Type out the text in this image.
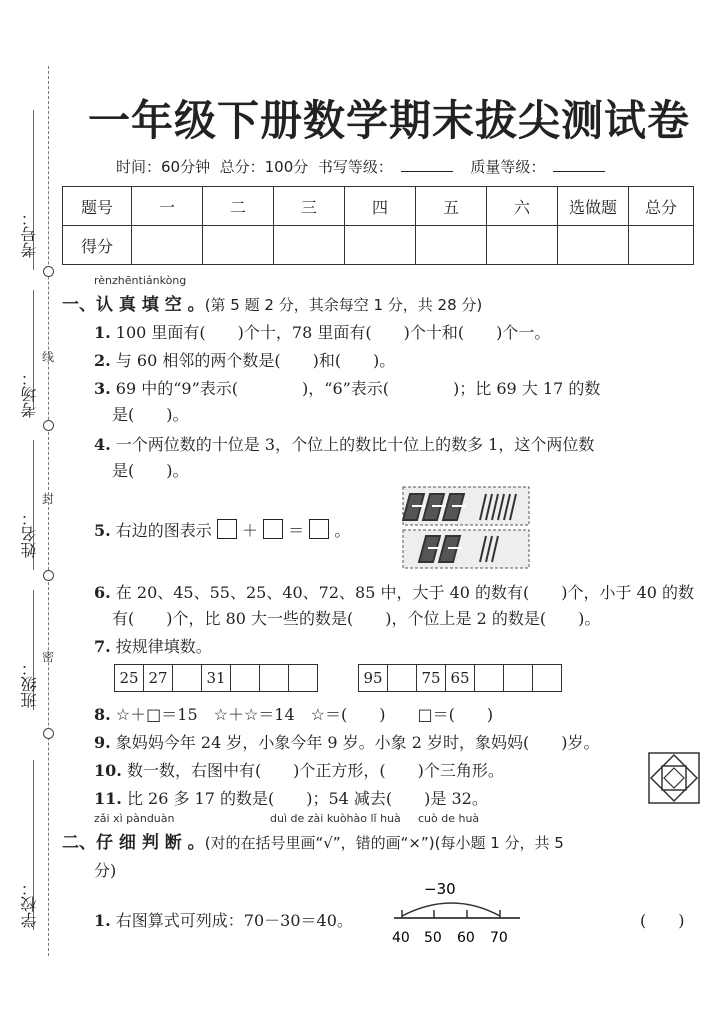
考号：
考场：
线
封
姓名：
班级：
密
学校：
一年级下册数学期末拔尖测试卷
时间：60分钟 总分：100分 书写等级：	质量等级：
题号	一	二	三	四	五	六	选做题	总分
得分								
rènzhēntiánkòng
一、认 真 填 空 。(第 5 题 2 分，其余每空 1 分，共 28 分)
1. 100 里面有(　　)个十，78 里面有(　　)个十和(　　)个一。
2. 与 60 相邻的两个数是(　　)和(　　)。
3. 69 中的“9”表示(　　　　)，“6”表示(　　　　)；比 69 大 17 的数
是(　　)。
4. 一个两位数的十位是 3，个位上的数比十位上的数多 1，这个两位数
是(　　)。
5. 右边的图表示  ＋  ＝  。
6. 在 20、45、55、25、40、72、85 中，大于 40 的数有(　　)个，小于 40 的数
有(　　)个，比 80 大一些的数是(　　)，个位上是 2 的数是(　　)。
7. 按规律填数。
25	27		31				95		75	65			
8. ☆＋□＝15　☆＋☆＝14　☆＝(　　)　　□＝(　　)
9. 象妈妈今年 24 岁，小象今年 9 岁。小象 2 岁时，象妈妈(　　)岁。
10. 数一数，右图中有(　　)个正方形，(　　)个三角形。
11. 比 26 多 17 的数是(　　)；54 减去(　　)是 32。
zǎi xì pànduàn	duì de zài kuòhào lǐ huà cuò de huà
二、仔 细 判 断 。(对的在括号里画“√”，错的画“×”)(每小题 1 分，共 5
分)
1. 右图算式可列成：70－30＝40。	(　　)
−30
40 50 60 70
